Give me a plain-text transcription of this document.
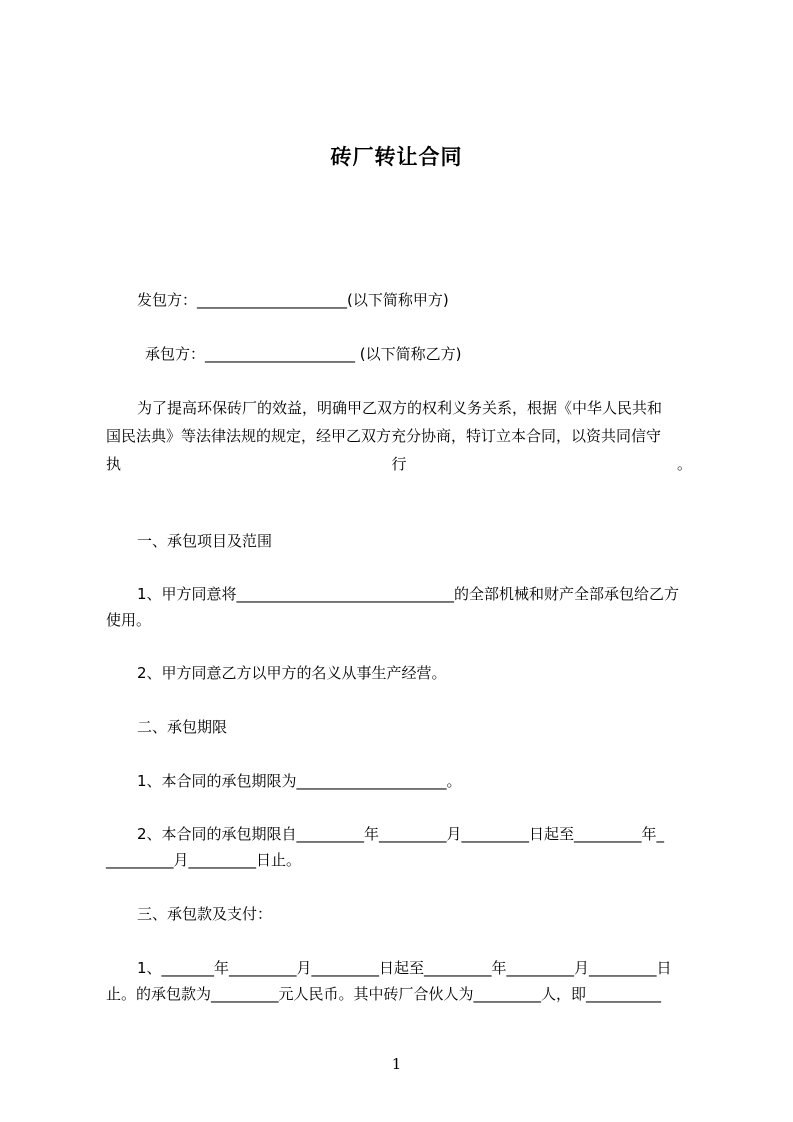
砖厂转让合同
发包方：____________________(以下简称甲方)
承包方：____________________ (以下简称乙方)
为了提高环保砖厂的效益，明确甲乙双方的权利义务关系，根据《中华人民共和
国民法典》等法律法规的规定，经甲乙双方充分协商，特订立本合同，以资共同信守
执	行	。
一、承包项目及范围
1、甲方同意将_____________________________的全部机械和财产全部承包给乙方
使用。
2、甲方同意乙方以甲方的名义从事生产经营。
二、承包期限
1、本合同的承包期限为____________________。
2、本合同的承包期限自_________年_________月_________日起至_________年_
_________月_________日止。
三、承包款及支付：
1、_______年_________月_________日起至_________年_________月_________日
止。的承包款为_________元人民币。其中砖厂合伙人为_________人，即__________
1
